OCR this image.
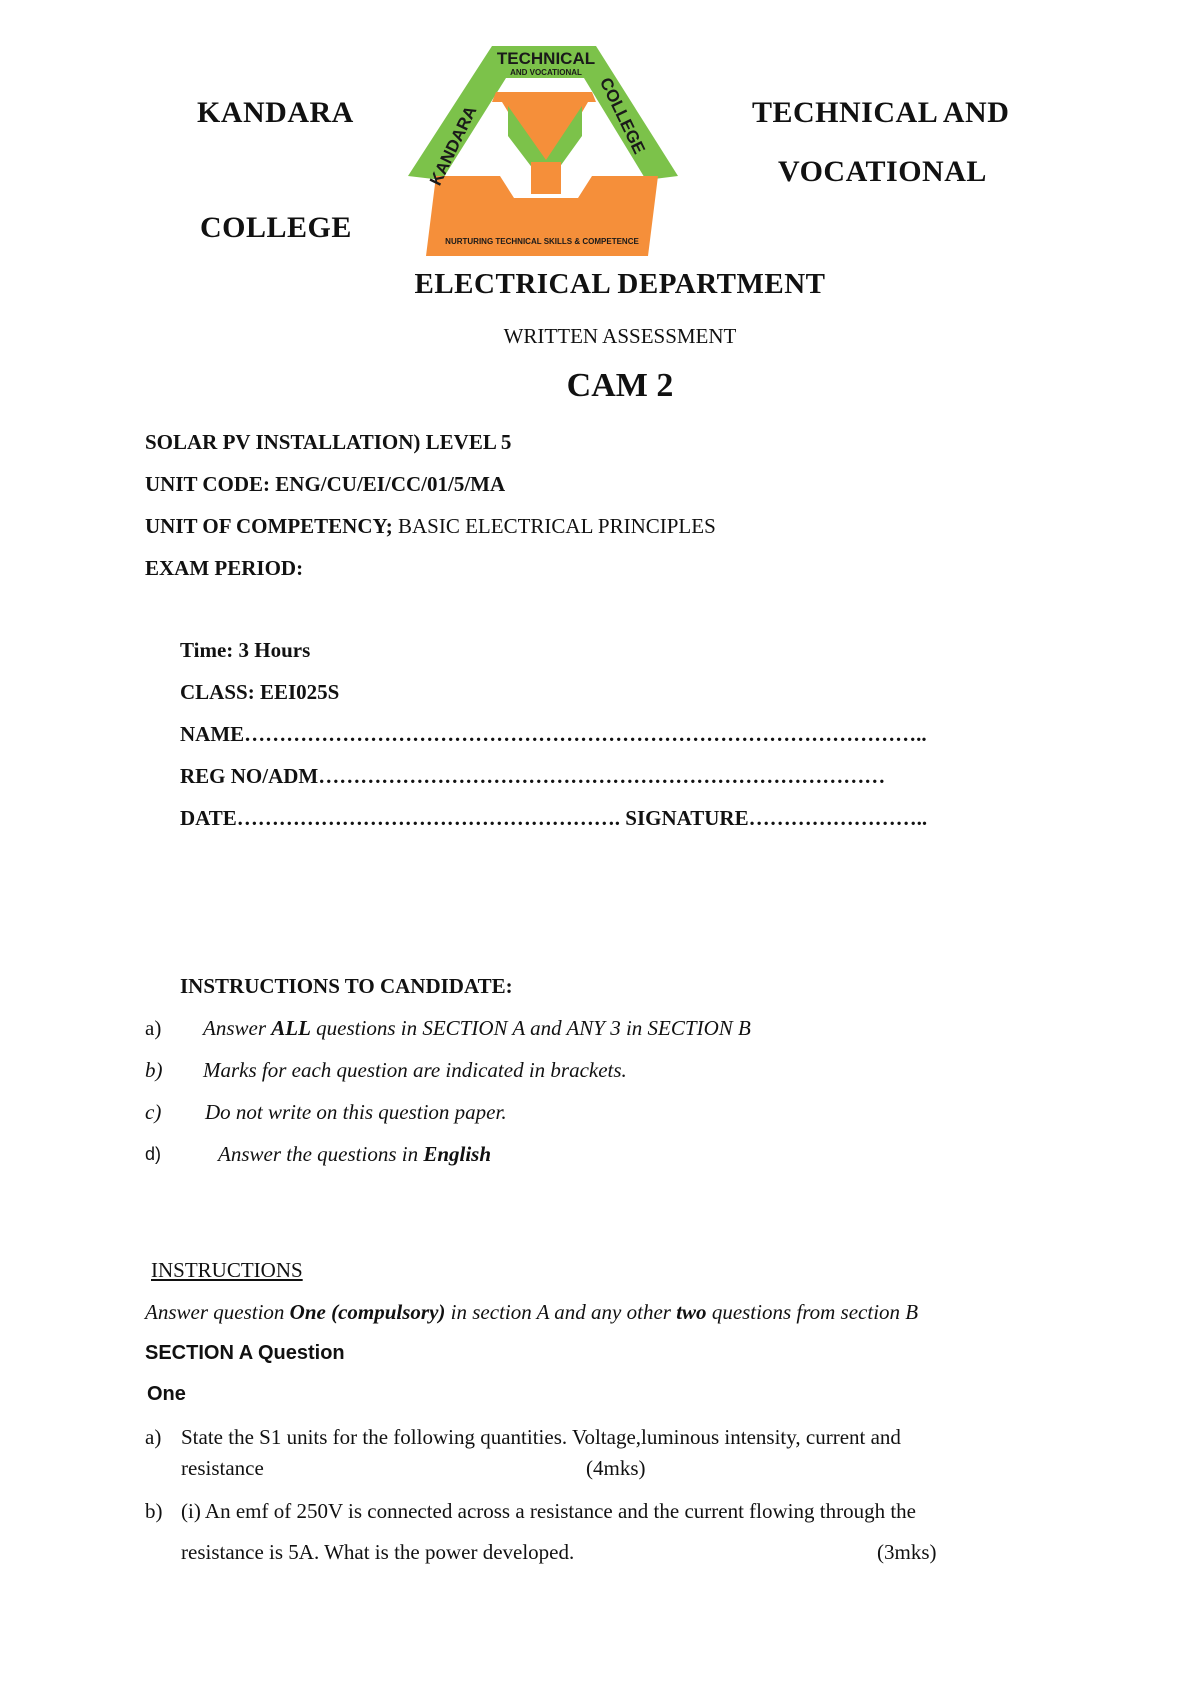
KANDARA
COLLEGE
TECHNICAL AND
VOCATIONAL
TECHNICAL
AND VOCATIONAL
KANDARA
COLLEGE
NURTURING TECHNICAL SKILLS & COMPETENCE
ELECTRICAL DEPARTMENT
WRITTEN ASSESSMENT
CAM 2
SOLAR PV INSTALLATION) LEVEL 5
UNIT CODE: ENG/CU/EI/CC/01/5/MA
UNIT OF COMPETENCY; BASIC ELECTRICAL PRINCIPLES
EXAM PERIOD:
Time: 3 Hours
CLASS: EEI025S
NAME……………………………………………………………………………………..
REG NO/ADM………………………………………………………………………
DATE………………………………………………. SIGNATURE……………………..
INSTRUCTIONS TO CANDIDATE:
a) Answer ALL questions in SECTION A and ANY 3 in SECTION B
b) Marks for each question are indicated in brackets.
c) Do not write on this question paper.
d)	Answer the questions in English
INSTRUCTIONS
Answer question One (compulsory) in section A and any other two questions from section B
SECTION A Question
One
a) State the S1 units for the following quantities. Voltage,luminous intensity, current and
resistance	(4mks)
b) (i) An emf of 250V is connected across a resistance and the current flowing through the
resistance is 5A. What is the power developed.	(3mks)
